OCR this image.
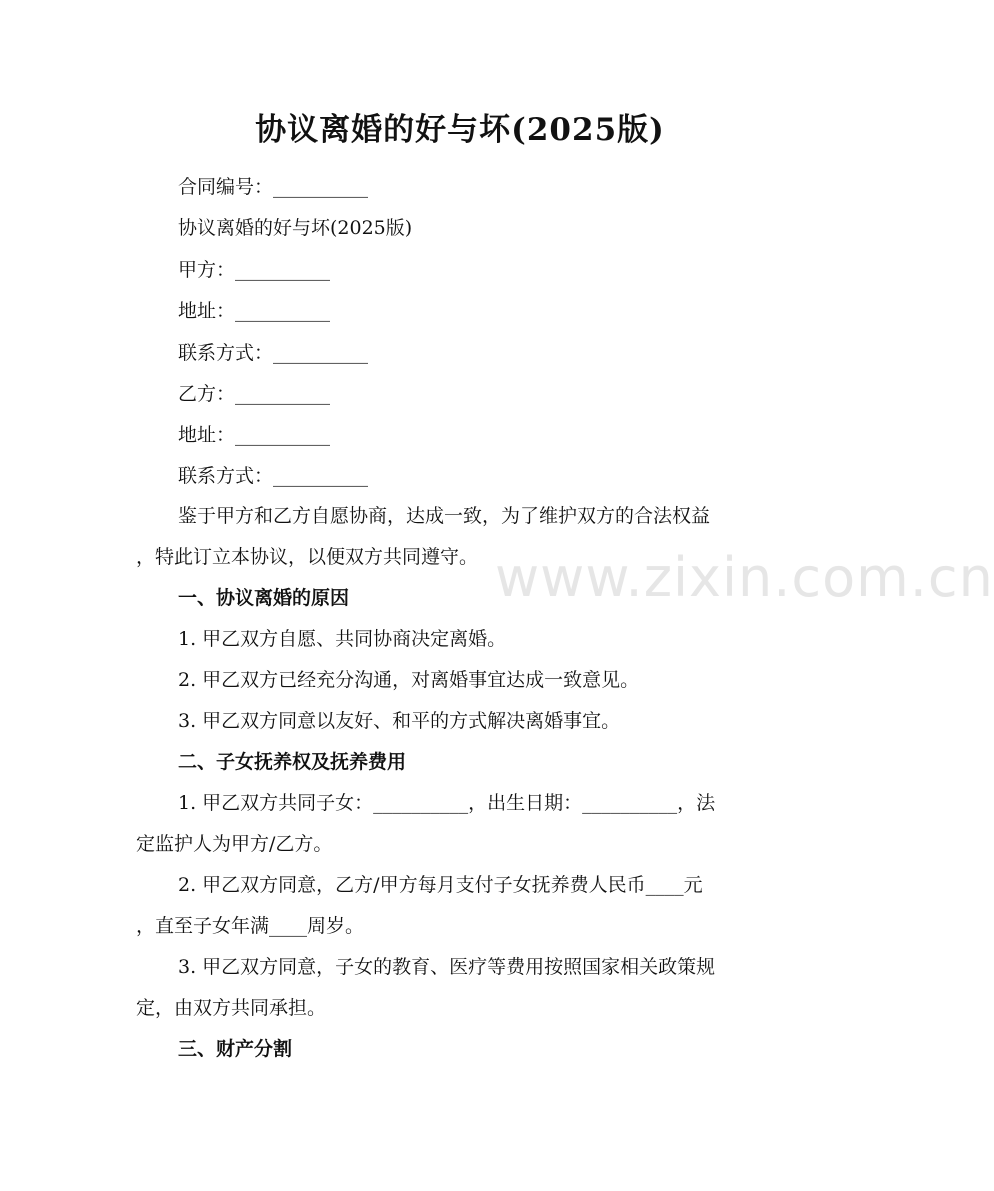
www.zixin.com.cn
协议离婚的好与坏(2025版)
合同编号：__________
协议离婚的好与坏(2025版)
甲方：__________
地址：__________
联系方式：__________
乙方：__________
地址：__________
联系方式：__________
鉴于甲方和乙方自愿协商，达成一致，为了维护双方的合法权益
，特此订立本协议，以便双方共同遵守。
一、协议离婚的原因
1. 甲乙双方自愿、共同协商决定离婚。
2. 甲乙双方已经充分沟通，对离婚事宜达成一致意见。
3. 甲乙双方同意以友好、和平的方式解决离婚事宜。
二、子女抚养权及抚养费用
1. 甲乙双方共同子女：__________，出生日期：__________，法
定监护人为甲方/乙方。
2. 甲乙双方同意，乙方/甲方每月支付子女抚养费人民币____元
，直至子女年满____周岁。
3. 甲乙双方同意，子女的教育、医疗等费用按照国家相关政策规
定，由双方共同承担。
三、财产分割
